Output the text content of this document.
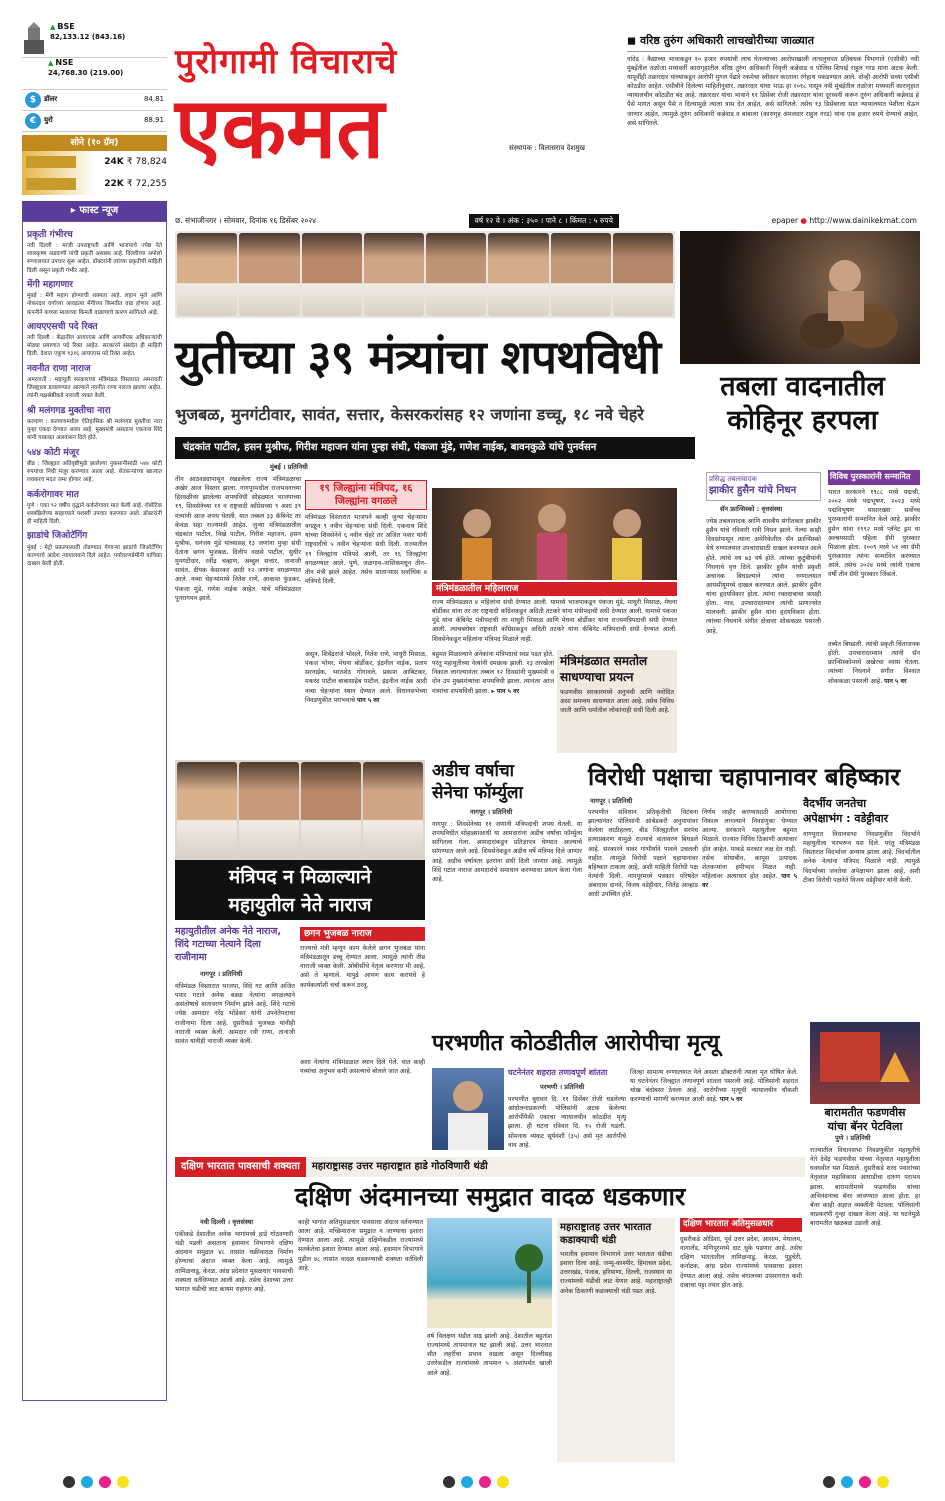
▲ BSE
82,133.12 (843.16)
▲ NSE
24,768.30 (219.00)
$	डॉलर	84.81
€	युरो	88.91
सोने (१० ग्रॅम)
24K ₹ 78,824
22K ₹ 72,255
▸ फास्ट न्यूज
प्रकृती गंभीरच
नवी दिल्ली : माजी उपराष्ट्रपती आणि भाजपाचे ज्येष्ठ नेते लालकृष्ण अडवाणी यांची प्रकृती अस्वस्थ आहे. दिल्लीच्या अपोलो रुग्णालयात उपचार सुरू आहेत. डॉक्टरांनी त्यांच्या प्रकृतीची माहिती दिली असून प्रकृती गंभीर आहे.
मेंगी महागणार
मुंबई : मेंगी महाग होण्याची शक्यता आहे. लहान मुले आणि नोकरदार वर्गाच्या आवडत्या मेंगीच्या किमतीत वाढ होणार आहे. कंपनीने कच्च्या मालाच्या किमती वाढल्याचे कारण सांगितले आहे.
आयएएसची पदे रिक्त
नवी दिल्ली : केंद्रातील आयएएस आणि आयपीएस अधिकाऱ्यांची मोठ्या प्रमाणात पदे रिक्त आहेत. सरकारने संसदेत ही माहिती दिली. देशात एकूण १३१६ आयएएस पदे रिक्त आहेत.
नवनीत राणा नाराज
अमरावती : महायुती सरकारच्या मंत्रिमंडळ विस्तारात अमरावती जिल्ह्याला डावलण्यात आल्याने नवनीत राणा नाराज झाल्या आहेत. त्यांनी पक्षश्रेष्ठींकडे नाराजी व्यक्त केली.
श्री मलंगगड मुक्तीचा नारा
कल्याण : कल्याणमधील ऐतिहासिक श्री मलंगगड मुक्तीचा नारा पुन्हा एकदा देण्यात आला आहे. मुख्यमंत्री असताना एकनाथ शिंदे यांनी याबाबत आश्वासन दिले होते.
५४४ कोटी मंजूर
बीड : जिल्ह्यात अतिवृष्टीमुळे झालेल्या नुकसानीसाठी ५४४ कोटी रुपयांचा निधी मंजूर करण्यात आला आहे. शेतकऱ्यांच्या खात्यात लवकरच मदत जमा होणार आहे.
कर्करोगावर मात
पुणे : एका ९२ वर्षीय वृद्धाने कर्करोगावर मात केली आहे. रोबोटिक शस्त्रक्रियेच्या साहाय्याने यशस्वी उपचार करण्यात आले. डॉक्टरांनी ही माहिती दिली.
झाडांचे जिओटॅगिंग
मुंबई : मेट्रो प्रकल्पासाठी तोडण्यात येणाऱ्या झाडांचे जिओटॅगिंग करण्याचे आदेश न्यायालयाने दिले आहेत. पर्यावरणप्रेमींनी याचिका दाखल केली होती.
पुरोगामी विचाराचे
एकमत	संस्थापक : विलासराव देशमुख
◼ वरिष्ठ तुरुंग अधिकारी लाचखोरीच्या जाळ्यात
नांदेड : कैद्याच्या भावाकडून १० हजार रुपयांची लाच घेतल्याच्या आरोपाखाली लाचलुचपत प्रतिबंधक विभागाने (एसीबी) नवी मुंबईतील तळोजा मध्यवर्ती कारागृहातील वरिष्ठ तुरुंग अधिकारी निवृत्ती कन्नेवाड व पोलिस शिपाई राहुल गरड यांना अटक केली. यापूर्वीही तक्रारदार यांच्याकडून आरोपी मुगल पेंढारे रकमेचा स्वीकार करताना रंगेहाथ पकडण्यात आले. दोन्ही आरोपी सध्या एसीबी कोठडीत आहेत. एसीबीने दिलेल्या माहितीनुसार, तक्रारदार यांचा भाऊ हा २०१८ पासून नवी मुंबईतील तळोजा मध्यवर्ती कारागृहात न्यायालयीन कोठडीत बंद आहे. तक्रारदार यांचा भावाने ११ डिसेंबर रोजी तक्रारदार यांना दूरध्वनी करून तुरुंग अधिकारी कन्नेवाड हे पैसे मागत असून पैसे न दिल्यामुळे त्याला त्रास देत आहेत, असे सांगितले. तसेच १३ डिसेंबरला सात न्यायालयात पेशीला घेऊन जाणार आहेत, त्यामुळे तुरुंग अधिकारी कन्नेवाड व बाबाला (कारागृह अंमलदार राहुल गरड) यांना एक हजार रुपये देण्याचे आहेत, असे सांगितले.
छ. संभाजीनगर । सोमवार, दिनांक १६ डिसेंबर २०२४	वर्ष १२ वे । अंक : ३५० । पाने ८ । किंमत : ५ रुपये	epaper ● http://www.dainikekmat.com
युतीच्या ३९ मंत्र्यांचा शपथविधी
भुजबळ, मुनगंटीवार, सावंत, सत्तार, केसरकरांसह १२ जणांना डच्चू, १८ नवे चेहरे
चंद्रकांत पाटील, हसन मुश्रीफ, गिरीश महाजन यांना पुन्हा संधी, पंकजा मुंडे, गणेश नाईक, बावनकुळे यांचे पुनर्वसन
तबला वादनातील
कोहिनूर हरपला
मुंबई । प्रतिनिधी
तीन आठवड्यापासून रखडलेला राज्य मंत्रिमंडळाचा अखेर आज विस्तार झाला. नागपूरमधील राजभवनाच्या हिरवळीवर झालेल्या शपथविधी सोहळ्यात भाजपाच्या १९, शिवसेनेच्या ११ व राष्ट्रवादी काँग्रेसच्या ९ अशा ३९ मंत्र्यांनी आज शपथ घेतली. यात तब्बल ३३ कॅबिनेट तर केवळ सहा राज्यमंत्री आहेत. जुन्या मंत्रिमंडळातील चंद्रकांत पाटील, विखे पाटील, गिरीश महाजन, हसन मुश्रीफ, धनंजय मुंडे यांच्यासह १३ जणांना पुन्हा संधी देताना छगन भुजबळ, दिलीप वळसे पाटील, सुधीर मुनगंटीवार, रवींद्र चव्हाण, अब्दुल सत्तार, तानाजी सावंत, दीपक केसरकर आदी १२ जणांना वगळण्यात आले. नव्या चेहऱ्यांमध्ये नितेश राणे, आकाश फुंडकर, पंकजा मुंडे, गणेश नाईक आहेत. यांचे मंत्रिमंडळात पुनरागमन झाले.
१९ जिल्ह्यांना मंत्रिपद, १६ जिल्ह्यांना वगळले
मंत्रिमंडळ विस्तारात भाजपने कल्ही जुन्या चेहऱ्यांना वगळून ९ नवीन चेहऱ्यांना संधी दिली. एकनाथ शिंदे यांच्या शिवसेनेने ६ नवीन चेहरे तर अजित पवार यांनी राष्ट्रवादीचे ५ नवीन चेहऱ्यांना संधी दिली. राज्यातील १९ जिल्ह्यांना मंत्रिपदे आली, तर १६ जिल्ह्यांना वगळण्यात आले. पुणे, जळगाव–नाशिकमधून तीन–तीन मंत्री झाले आहेत. तसेच साताऱ्यास सर्वाधिक ४ मंत्रिपदे दिली.
असून, शिवेंद्रराजे भोसले, नितेश राणे, माधुरी मिसाळ, पंकज भोयर, मेघना बोर्डीकर, इंद्रनील नाईक, प्रताप सरनाईक, भरतशेठ गोगावले, प्रकाश आबिटकर, मकरंद पाटील बाबासाहेब पाटील, इंद्रनील नाईक आदी नव्या चेहऱ्यांना स्थान देण्यात आले. विधानसभेच्या निवडणुकीत पराभवाचे पान ५ वर
मंत्रिमंडळातील महिलाराज
राज्य मंत्रिमंडळात ४ महिलांना संधी देण्यात आली. यामध्ये भाजपाकडून पंकजा मुंडे, माधुरी मिसाळ, मेघना बोर्डीकर यांना तर तर राष्ट्रवादी काँग्रेसकडून अदिती तटकरे यांना मंत्रीपदाची संधी देण्यात आली. यामध्ये पंकजा मुंडे यांना कॅबिनेट मंत्रीपदाची तर माधुरी मिसाळ आणि मेघना बोर्डीकर यांना राज्यमंत्रिपदाची संधी देण्यात आली. त्याचबरोबर राष्ट्रवादी काँग्रेसकडून अदिती तटकरे यांना कॅबिनेट मंत्रिपदाची संधी देण्यात आली. शिवसेनेकडून महिलांना मंत्रिपद मिळाले नाही.
बहुमत मिळाल्याने अनेकांना मंत्रिपदाचे स्वप्न पडत होते. परंतु महायुतीच्या नेत्यांनी दमछाक झाली. २३ तारखेला निकाल लागल्यानंतर तब्बल १२ दिवसांनी मुख्यमंत्री व दोन उप मुख्यमंत्र्यांचा शपथविधी झाला. त्यानंतर आज मंत्र्यांचा शपथविधी झाला. ▸ पान ५ वर
मंत्रिमंडळात समतोल साधण्याचा प्रयत्न
फडणवीस सरकारमध्ये अनुभवी आणि नवोदित असा समन्वय साधण्यात आला आहे. तसेच विविध जाती आणि धर्मातील लोकांनाही संधी दिली आहे.
प्रसिद्ध तबलावादक
झाकीर हुसैन यांचे निधन
सॅन फ्रान्सिस्को : वृत्तसंस्था
ज्येष्ठ तबलावादक आणि शास्त्रीय संगीतकार झाकीर हुसैन यांचे रविवारी रात्री निधन झाले. गेल्या काही दिवसांपासून त्यांना अमेरिकेतील सॅन फ्रान्सिस्को येथे रुग्णालयात उपचारासाठी दाखल करण्यात आले होते. त्यांचे वय ७३ वर्ष होते. त्यांच्या कुटुंबीयांनी निधनाचे वृत्त दिले. झाकीर हुसैन यांची प्रकृती अचानक बिघडल्याने त्यांना रुग्णालयात आयसीयूमध्ये दाखल करण्यात आले. झाकीर हुसैन यांना हृदयविकार होता. त्यांना रक्तदाबाचा त्रासही होता. मात्र, उपचारादरम्यान त्यांची प्राणज्योत मालवली. झाकीर हुसैन यांना हृदयविकार होता. त्यांच्या निधनाने संगीत क्षेत्रावर शोककळा पसरली आहे.
विविध पुरस्कारांनी सन्मानित
भारत सरकारने १९८८ मध्ये पद्मश्री, २००२ मध्ये पद्मभूषण, २०२३ मध्ये पद्मविभूषण यासारख्या सर्वोच्च पुरस्कारांनी सन्मानित केले आहे. झाकीर हुसेन यांना १९९२ मध्ये प्लॅनेट ड्रम या अल्बमसाठी पहिला ग्रॅमी पुरस्कार मिळाला होता. २००९ मध्ये ५१ व्या ग्रॅमी पुरस्कारात त्यांना सन्मानित करण्यात आले. तसेच २०२४ मध्ये त्यांनी एकाच वर्षी तीन ग्रॅमी पुरस्कार जिंकले.
तब्येत बिघडली. त्यांची प्रकृती चिंताजनक होती. उपचारादरम्यान त्यांनी सॅन फ्रान्सिस्कोमध्ये अखेरचा श्वास घेतला. त्यांच्या निधनाने संगीत विश्वात शोककळा पसरली आहे. पान ५ वर
मंत्रिपद न मिळाल्याने
महायुतील नेते नाराज
महायुतीतील अनेक नेते नाराज, शिंदे गटाच्या नेत्याने दिला राजीनामा
नागपूर । प्रतिनिधी
मंत्रिमंडळ विस्तारात भाजपा, शिंदे गट आणि अजित पवार गटाने अनेक बड्या नेत्यांना वगळल्याने असंतोषाचे वातावरण निर्माण झाले आहे. शिंदे गटाचे ज्येष्ठ आमदार नरेंद्र भोंडेकर यांनी उपनेतेपदाचा राजीनामा दिला आहे. दुसरीकडे भुजबळ यांनीही नाराजी व्यक्त केली. आमदार रवी राणा, तानाजी सावंत यांनीही नाराजी व्यक्त केली.
छगन भुजबळ नाराज
राज्याचे मंत्री म्हणून काम केलेले छगन भुजबळ यांना मंत्रिमंडळातून डच्चू देण्यात आला. त्यामुळे त्यांनी तीव्र नाराजी व्यक्त केली. ओबीसींचे नेतृत्व करणारा मी आहे, असे ते म्हणाले. यापुढे आपण काय करायचे हे कार्यकर्त्यांशी चर्चा करून ठरवू.
अशा नेत्यांना मंत्रिमंडळात स्थान दिले गेले. यात काही नव्यांचा अनुभव कमी असल्याचे बोलले जात आहे.
अडीच वर्षाचा
सेनेचा फॉर्म्युला
नागपूर । प्रतिनिधी
नागपूर : शिवसेनेच्या ११ जणांनी मंत्रिपदाची शपथ घेतली. या शपथविधीत सोहळ्याआधी या आमदारांना अडीच वर्षांचा फॉर्म्युला सांगितला गेला. आमदारांकडून प्रतिज्ञापत्र घेण्यात आल्याचे सांगण्यात आले आहे. शिवसेनेकडून अडीच वर्षे मंत्रिपद दिले जाणार आहे. अडीच वर्षानंतर इतरांना संधी दिली जाणार आहे. त्यामुळे शिंदे गटात नाराज आमदारांचे समाधान करण्याचा प्रयत्न केला गेला आहे.
विरोधी पक्षाचा चहापानावर बहिष्कार
नागपूर । प्रतिनिधी
परभणीत संविधान प्रतिकृतीची विटंबना झाल्यानंतर पोलिसांनी आंबेडकरी अनुयायांवर केलेला लाठीहल्ला, बीड जिल्ह्यातील सरपंच हत्याप्रकरण यामुळे राज्याचे वातावरण बिघडले आहे. सरकारने यावर गांभीर्याने पावले उचलली नाहीत. त्यामुळे विरोधी पक्षाने चहापानावर बहिष्कार टाकला आहे, अशी माहिती विरोधी पक्ष नेत्यांनी दिली. नागपूरमध्ये पत्रकार परिषदेत अंबादास दानवे, विजय वडेट्टीवार, जितेंद्र आव्हाड आदी उपस्थित होते.
निर्णय जाहीर करण्यासाठी आयोगाचा निकाल लागल्याने निवडणुका घेण्यात आल्या. सरकारने महायुतीला बहुमत मिळाले. राज्यात विविध ठिकाणी अत्याचार होत आहेत. याकडे सरकार लक्ष देत नाही. तसेच सोयाबीन, कापूस उत्पादक शेतकऱ्यांना हमीभाव मिळत नाही. महिलांवर अत्याचार होत आहेत. पान ५ वर
वैदर्भीय जनतेचा
अपेक्षाभंग : वडेट्टीवार
नागपूरात विधानसभा निवडणुकीत विदर्भाने महायुतीला भरभरून यश दिले. परंतु मंत्रिमंडळ विस्तारात विदर्भावर अन्याय झाला आहे. विदर्भातील अनेक नेत्यांना मंत्रिपद मिळाले नाही. त्यामुळे विदर्भाच्या जनतेचा अपेक्षाभंग झाला आहे, अशी टीका विरोधी पक्षनेते विजय वडेट्टीवार यांनी केली.
परभणीत कोठडीतील आरोपीचा मृत्यू
घटनेनंतर शहरात तणावपूर्ण शांतता
परभणी । प्रतिनिधी
परभणीत बुधवार दि. ११ डिसेंबर रोजी घडलेल्या आंदोलनाप्रकरणी पोलिसांनी अटक केलेल्या आरोपींपैकी एकाचा न्यायालयीन कोठडीत मृत्यू झाला. ही घटना रविवार दि. १५ रोजी घडली. सोमनाथ व्यंकट सूर्यवंशी (३५) असे मृत आरोपीचे नाव आहे.
जिल्हा सामान्य रुग्णालयात नेले असता डॉक्टरांनी त्याला मृत घोषित केले. या घटनेनंतर जिल्ह्यात तणावपूर्ण शांतता पसरली आहे. पोलिसांनी शहरात चोख बंदोबस्त ठेवला आहे. आरोपीच्या मृत्यूची न्यायालयीन चौकशी करण्याची मागणी करण्यात आली आहे. पान ५ वर
बारामतीत फडणवीस
यांचा बॅनर पेटविला
पुणे । प्रतिनिधी
राज्यातील विधानसभा निवडणुकीत महायुतीचे नेते देवेंद्र फडणवीस यांच्या नेतृत्वात महायुतीला घवघवीत यश मिळाले. दुसरीकडे शरद पवारांच्या नेतृत्वात महाविकास आघाडीचा दारुण पराभव झाला. बारामतीमध्ये फडणवीस यांच्या अभिनंदनाचा बॅनर लावण्यात आला होता. हा बॅनर काही अज्ञात व्यक्तींनी पेटवला. पोलिसांनी याप्रकरणी गुन्हा दाखल केला आहे. या घटनेमुळे बारामतीत खळबळ उडाली आहे.
दक्षिण भारतात पावसाची शक्यता	महाराष्ट्रासह उत्तर महाराष्ट्रात हाडे गोठविणारी थंडी
दक्षिण अंदमानच्या समुद्रात वादळ धडकणार
नवी दिल्ली । वृत्तसंस्था
एकीकडे देशातील अनेक भागांमध्ये हाडे गोठवणारी थंडी पडली असताना हवामान विभागाने दक्षिण अंदमान समुद्रात ४८ तासांत चक्रीवादळ निर्माण होण्याचा अंदाज व्यक्त केला आहे. त्यामुळे तामिळनाडू, केरळ, आंध्र प्रदेशात मुसळधार पावसाची शक्यता वर्तविण्यात आली आहे. तसेच देशाच्या उत्तर भागात थंडीची लाट कायम राहणार आहे.
काही भागांत अतिमुसळधार पावसाचा अंदाज वर्तवण्यात आला आहे. मच्छिमारांना समुद्रात न जाण्याचा इशारा देण्यात आला आहे. त्यामुळे दक्षिणेकडील राज्यांमध्ये सतर्कतेचा इशारा देण्यात आला आहे. हवामान विभागाने पुढील ४८ तासांत वादळ धडकण्याची शक्यता वर्तविली आहे.
वर्ष विलक्षण थंडीत वाढ झाली आहे. देशातील बहुतांश राज्यांमध्ये तापमानात घट झाली आहे. उत्तर भारतात शीत लहरींचा प्रभाव वाढला असून दिल्लीसह उत्तरेकडील राज्यांमध्ये तापमान ५ अंशांपर्यंत खाली आले आहे.
महाराष्ट्रातह उत्तर भारतात कडाक्याची थंडी
भारतीय हवामान विभागाने उत्तर भारतात थंडीचा इशारा दिला आहे. जम्मू-काश्मीर, हिमाचल प्रदेश, उत्तराखंड, पंजाब, हरियाणा, दिल्ली, राजस्थान या राज्यांमध्ये थंडीची लाट येणार आहे. महाराष्ट्रातही अनेक ठिकाणी कडाक्याची थंडी पडत आहे.
दक्षिण भारतात अतिमुसळधार
दुसरीकडे ओडिशा, पूर्व उत्तर प्रदेश, आसाम, मेघालय, नागालँड, मणिपूरमध्ये दाट धुके पडणार आहे. तसेच दक्षिण भारतातील तामिळनाडू, केरळ, पुडुचेरी, कर्नाटक, आंध्र प्रदेश राज्यांमध्ये पावसाचा इशारा देण्यात आला आहे. तसेच बंगालच्या उपसागरात कमी दाबाचा पट्टा तयार होत आहे.
